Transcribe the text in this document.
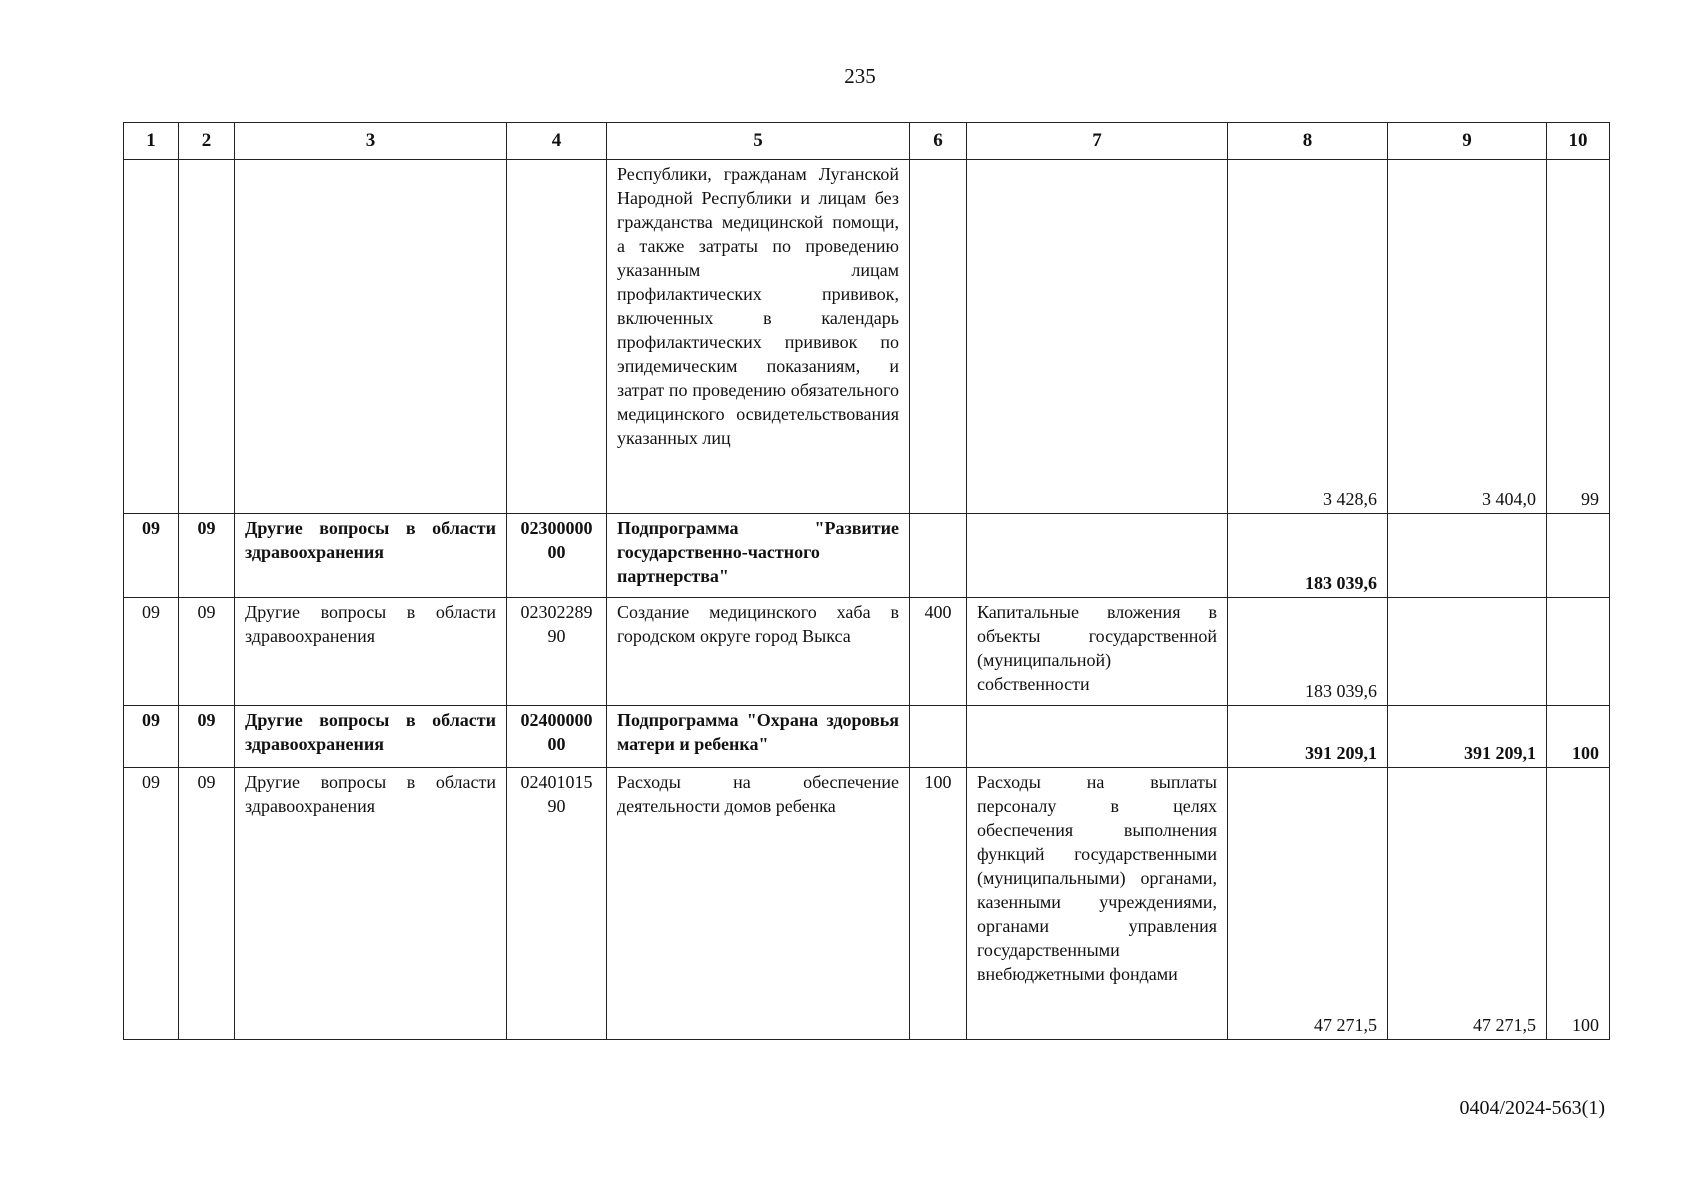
235
1	2	3	4	5	6	7	8	9	10
				Республики, гражданам Луганской Народной Республики и лицам без гражданства медицинской помощи, а также затраты по проведению указанным лицам профилактических прививок, включенных в календарь профилактических прививок по эпидемическим показаниям, и затрат по проведению обязательного медицинского освидетельствования указанных лиц			3 428,6	3 404,0	99
09	09	Другие вопросы в области здравоохранения	0230000000	Подпрограмма "Развитие государственно-частного партнерства"			183 039,6		
09	09	Другие вопросы в области здравоохранения	0230228990	Создание медицинского хаба в городском округе город Выкса	400	Капитальные вложения в объекты государственной (муниципальной) собственности	183 039,6		
09	09	Другие вопросы в области здравоохранения	0240000000	Подпрограмма "Охрана здоровья матери и ребенка"			391 209,1	391 209,1	100
09	09	Другие вопросы в области здравоохранения	0240101590	Расходы на обеспечение деятельности домов ребенка	100	Расходы на выплаты персоналу в целях обеспечения выполнения функций государственными (муниципальными) органами, казенными учреждениями, органами управления государственными внебюджетными фондами	47 271,5	47 271,5	100
0404/2024-563(1)
